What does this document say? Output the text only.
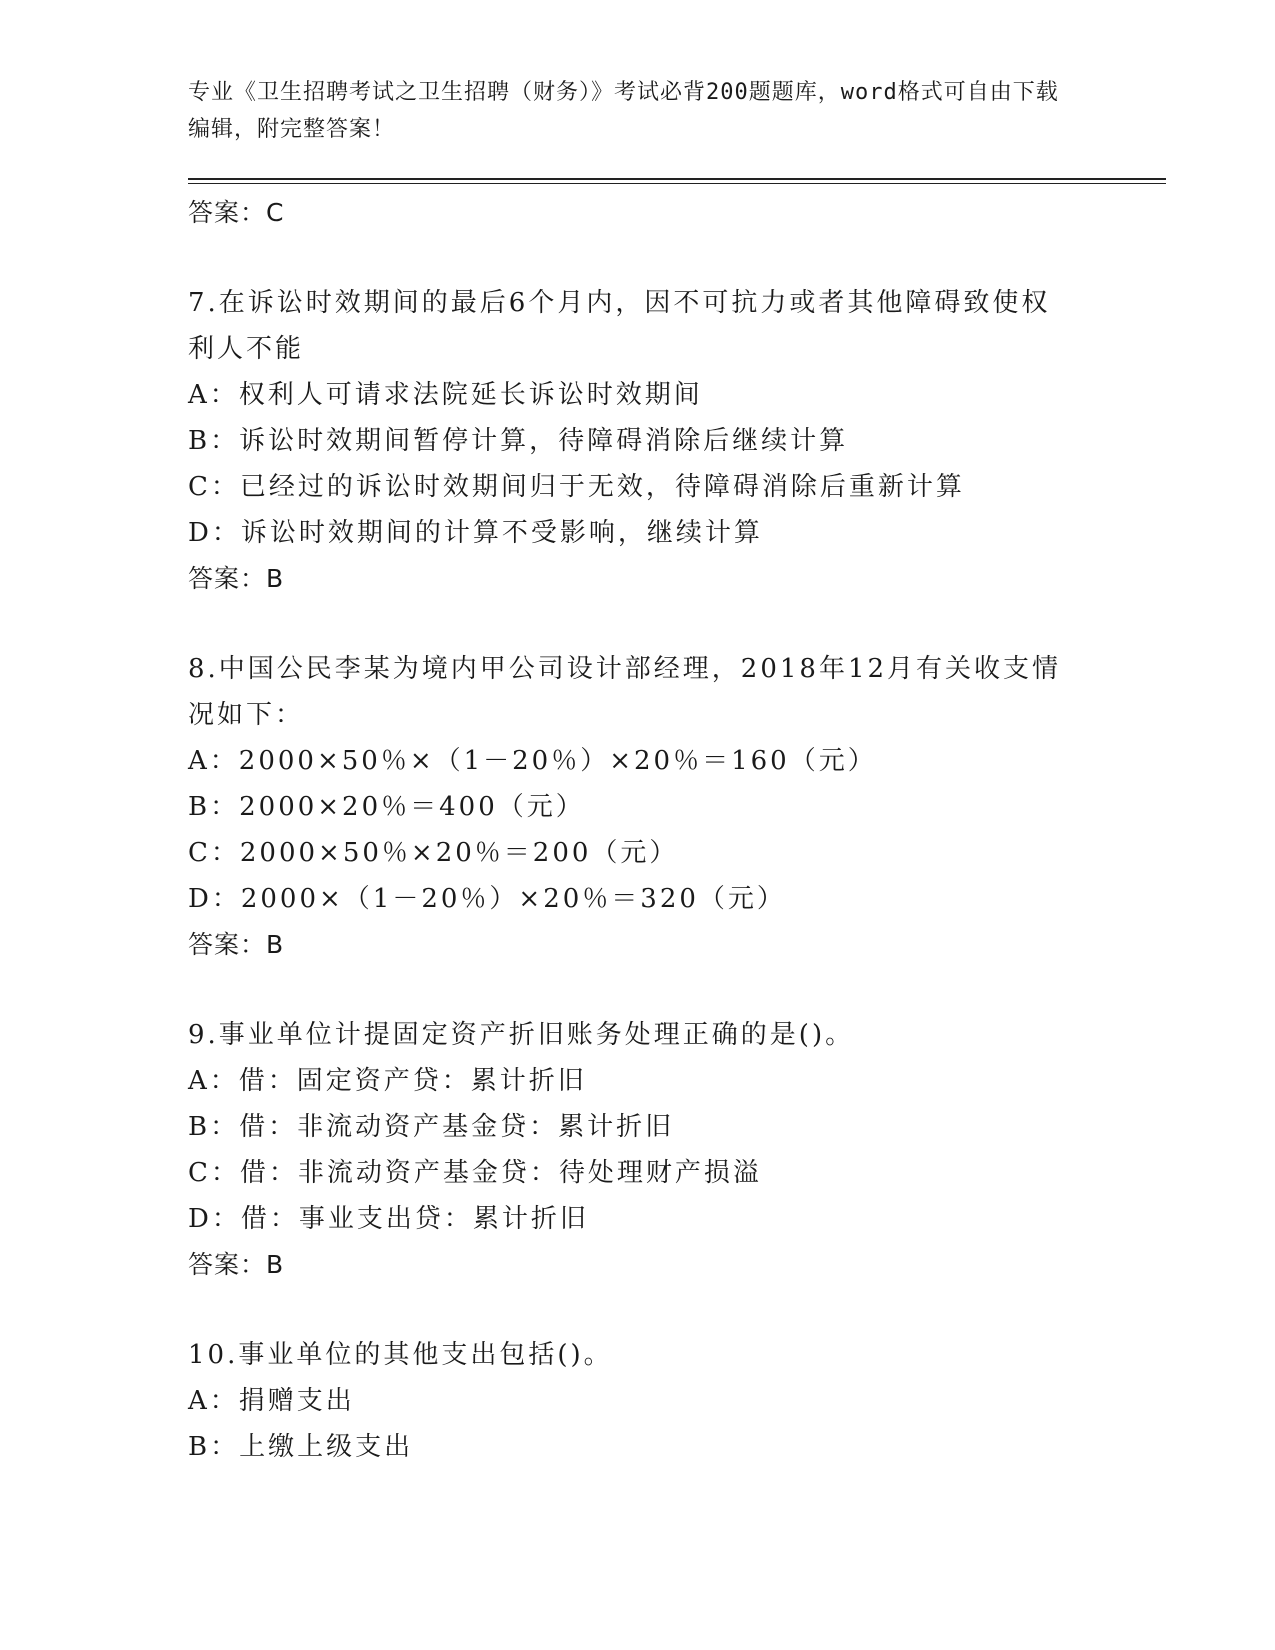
专业《卫生招聘考试之卫生招聘（财务）》考试必背200题题库，word格式可自由下载编辑，附完整答案！
答案：C
7.在诉讼时效期间的最后6个月内，因不可抗力或者其他障碍致使权利人不能
A：权利人可请求法院延长诉讼时效期间
B：诉讼时效期间暂停计算，待障碍消除后继续计算
C：已经过的诉讼时效期间归于无效，待障碍消除后重新计算
D：诉讼时效期间的计算不受影响，继续计算
答案：B
8.中国公民李某为境内甲公司设计部经理，2018年12月有关收支情况如下：
A：2000×50％×（1－20％）×20％＝160（元）
B：2000×20％＝400（元）
C：2000×50％×20％＝200（元）
D：2000×（1－20％）×20％＝320（元）
答案：B
9.事业单位计提固定资产折旧账务处理正确的是()。
A：借：固定资产贷：累计折旧
B：借：非流动资产基金贷：累计折旧
C：借：非流动资产基金贷：待处理财产损溢
D：借：事业支出贷：累计折旧
答案：B
10.事业单位的其他支出包括()。
A：捐赠支出
B：上缴上级支出
